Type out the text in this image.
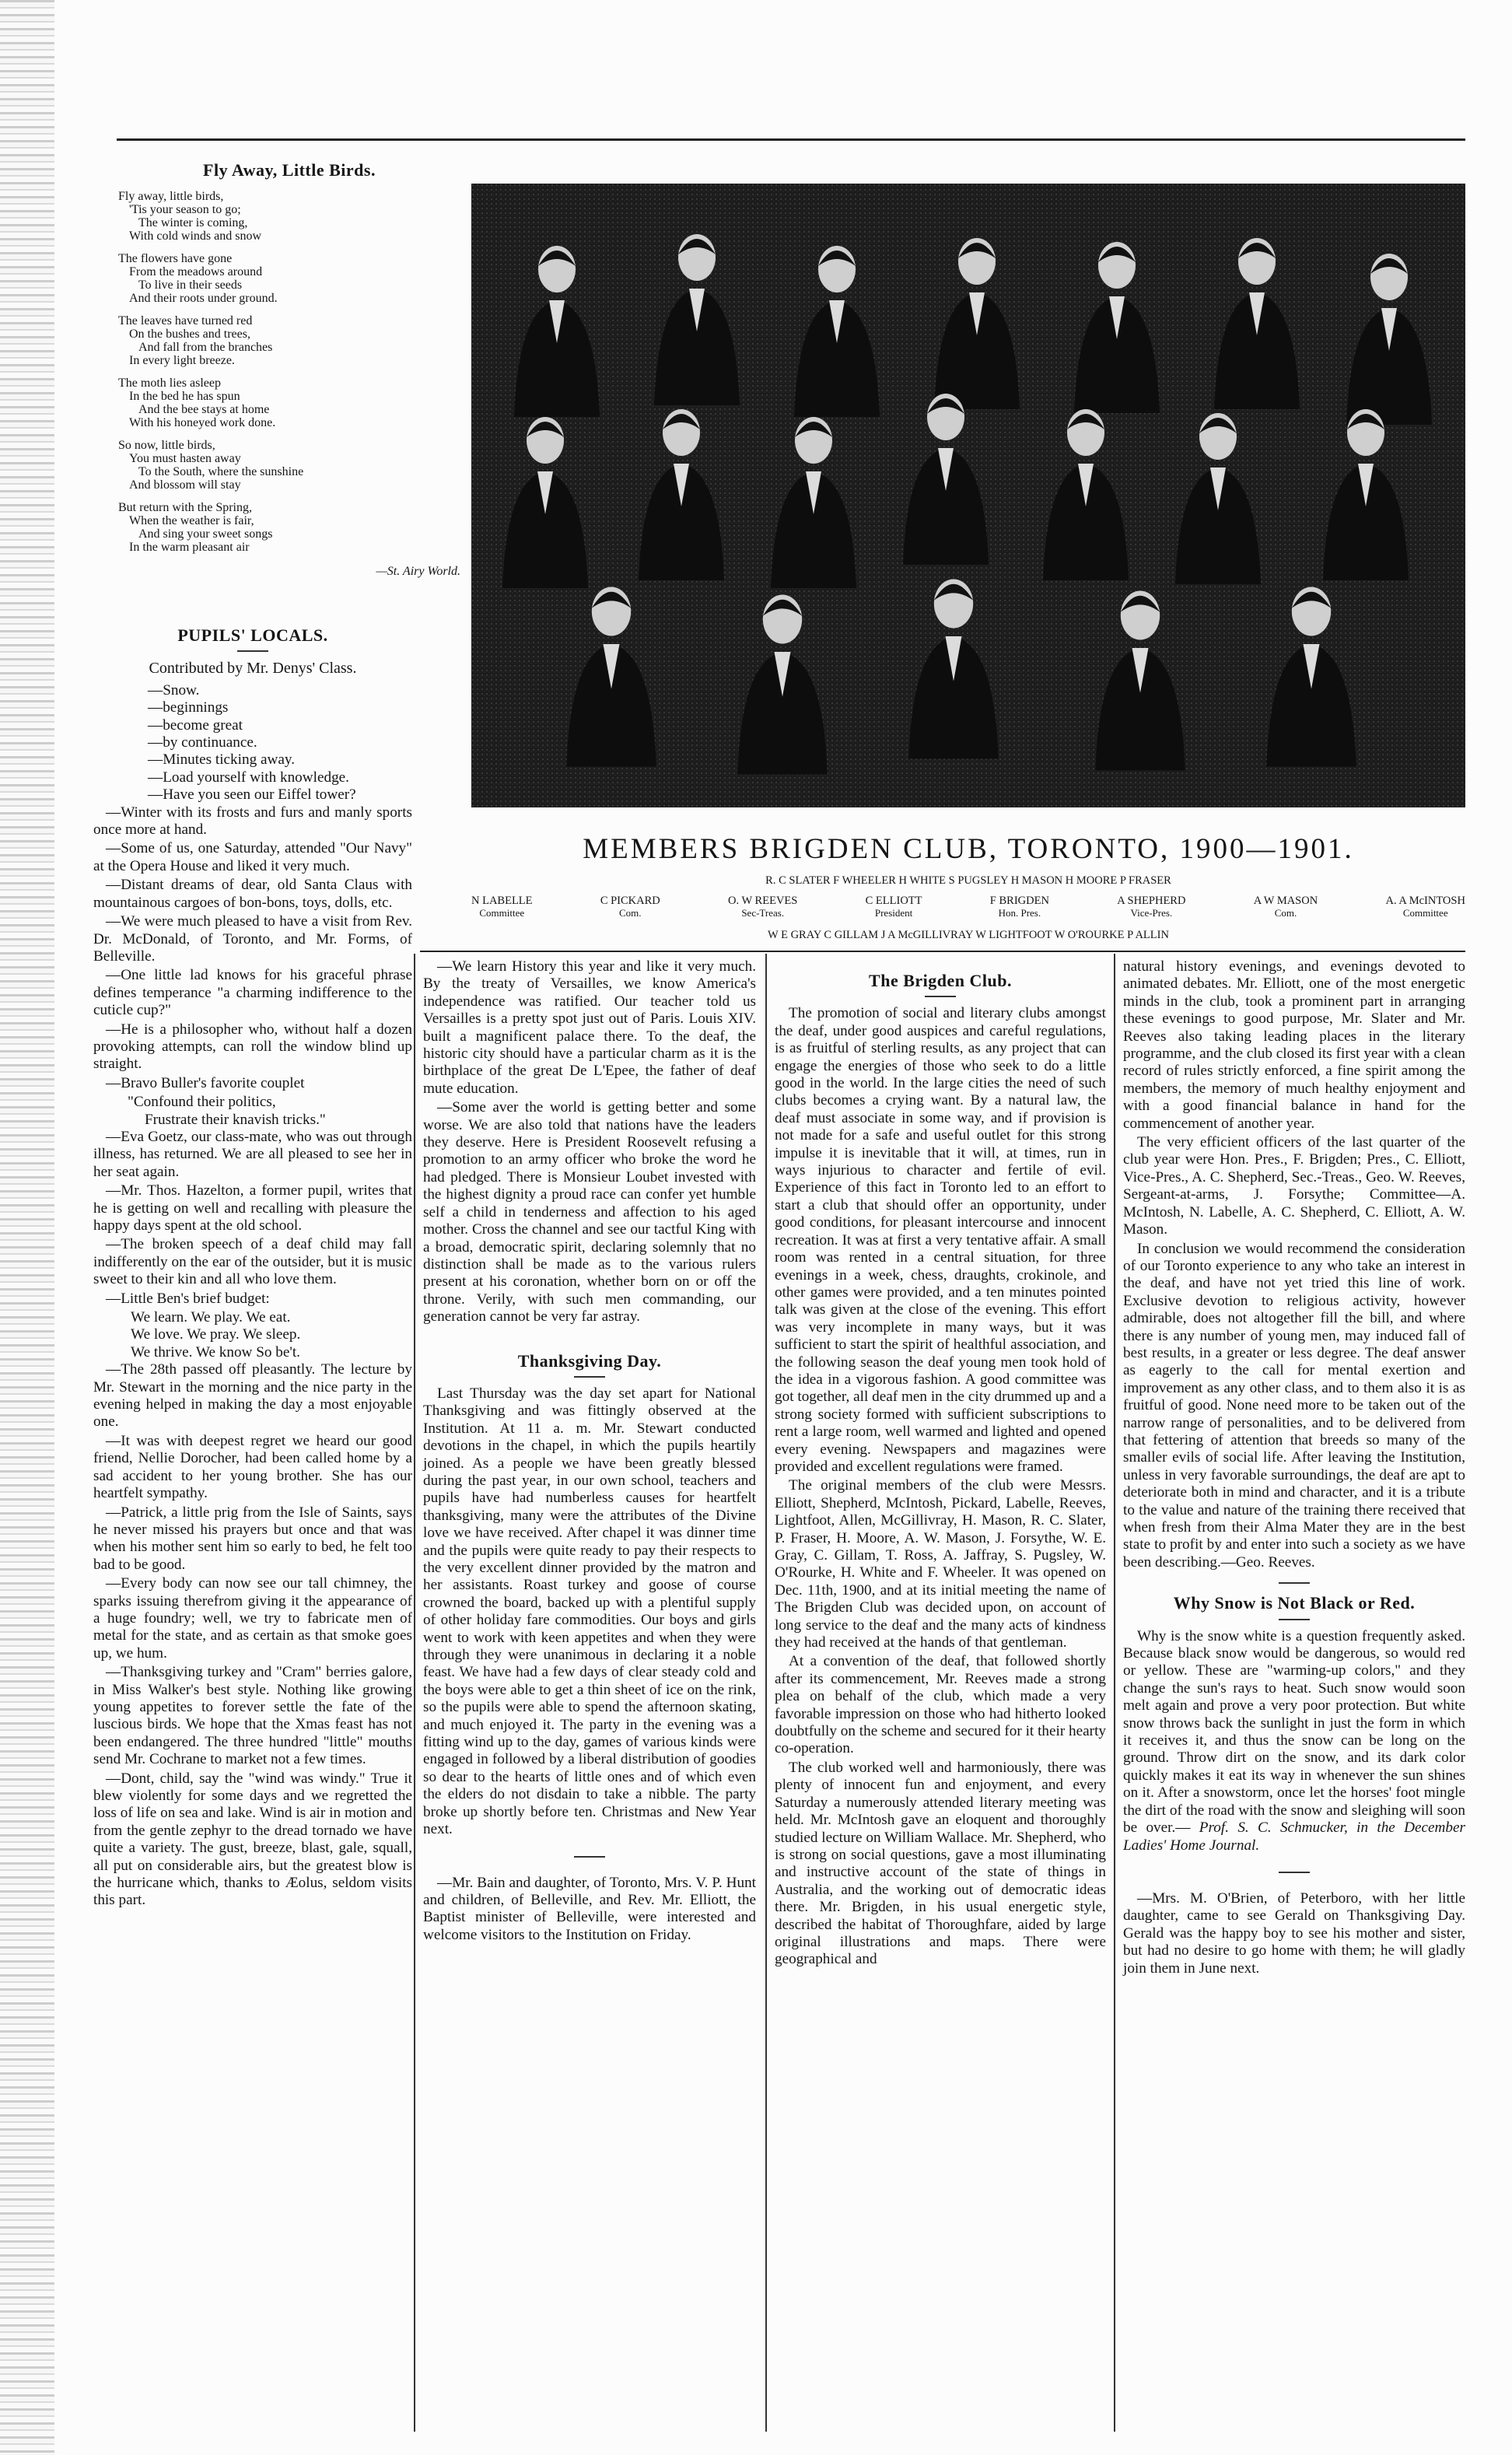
Fly Away, Little Birds.
Fly away, little birds,
'Tis your season to go;
The winter is coming,
With cold winds and snow
The flowers have gone
From the meadows around
To live in their seeds
And their roots under ground.
The leaves have turned red
On the bushes and trees,
And fall from the branches
In every light breeze.
The moth lies asleep
In the bed he has spun
And the bee stays at home
With his honeyed work done.
So now, little birds,
You must hasten away
To the South, where the sunshine
And blossom will stay
But return with the Spring,
When the weather is fair,
And sing your sweet songs
In the warm pleasant air
—St. Airy World.
PUPILS' LOCALS.
Contributed by Mr. Denys' Class.
—Snow.
—beginnings
—become great
—by continuance.
—Minutes ticking away.
—Load yourself with knowledge.
—Have you seen our Eiffel tower?

—Winter with its frosts and furs and manly sports once more at hand.

—Some of us, one Saturday, attended "Our Navy" at the Opera House and liked it very much.

—Distant dreams of dear, old Santa Claus with mountainous cargoes of bon-bons, toys, dolls, etc.

—We were much pleased to have a visit from Rev. Dr. McDonald, of Toronto, and Mr. Forms, of Belleville.

—One little lad knows for his graceful phrase defines temperance "a charming indifference to the cuticle cup?"

—He is a philosopher who, without half a dozen provoking attempts, can roll the window blind up straight.

—Bravo Buller's favorite couplet

"Confound their politics,
Frustrate their knavish tricks."

—Eva Goetz, our class-mate, who was out through illness, has returned. We are all pleased to see her in her seat again.

—Mr. Thos. Hazelton, a former pupil, writes that he is getting on well and recalling with pleasure the happy days spent at the old school.

—The broken speech of a deaf child may fall indifferently on the ear of the outsider, but it is music sweet to their kin and all who love them.

—Little Ben's brief budget:

We learn. We play. We eat.
We love. We pray. We sleep.
We thrive. We know So be't.

—The 28th passed off pleasantly. The lecture by Mr. Stewart in the morning and the nice party in the evening helped in making the day a most enjoyable one.

—It was with deepest regret we heard our good friend, Nellie Dorocher, had been called home by a sad accident to her young brother. She has our heartfelt sympathy.

—Patrick, a little prig from the Isle of Saints, says he never missed his prayers but once and that was when his mother sent him so early to bed, he felt too bad to be good.

—Every body can now see our tall chimney, the sparks issuing therefrom giving it the appearance of a huge foundry; well, we try to fabricate men of metal for the state, and as certain as that smoke goes up, we hum.

—Thanksgiving turkey and "Cram" berries galore, in Miss Walker's best style. Nothing like growing young appetites to forever settle the fate of the luscious birds. We hope that the Xmas feast has not been endangered. The three hundred "little" mouths send Mr. Cochrane to market not a few times.

—Dont, child, say the "wind was windy." True it blew violently for some days and we regretted the loss of life on sea and lake. Wind is air in motion and from the gentle zephyr to the dread tornado we have quite a variety. The gust, breeze, blast, gale, squall, all put on considerable airs, but the greatest blow is the hurricane which, thanks to Æolus, seldom visits this part.

MEMBERS BRIGDEN CLUB, TORONTO, 1900—1901.
R. C SLATER F WHEELER H WHITE S PUGSLEY H MASON H MOORE P FRASER
N LABELLE
Committee
C PICKARD
Com.
O. W REEVES
Sec-Treas.
C ELLIOTT
President
F BRIGDEN
Hon. Pres.
A SHEPHERD
Vice-Pres.
A W MASON
Com.
A. A McINTOSH
Committee
W E GRAY C GILLAM J A McGILLIVRAY W LIGHTFOOT W O'ROURKE P ALLIN

—We learn History this year and like it very much. By the treaty of Versailles, we know America's independence was ratified. Our teacher told us Versailles is a pretty spot just out of Paris. Louis XIV. built a magnificent palace there. To the deaf, the historic city should have a particular charm as it is the birthplace of the great De L'Epee, the father of deaf mute education.

—Some aver the world is getting better and some worse. We are also told that nations have the leaders they deserve. Here is President Roosevelt refusing a promotion to an army officer who broke the word he had pledged. There is Monsieur Loubet invested with the highest dignity a proud race can confer yet humble self a child in tenderness and affection to his aged mother. Cross the channel and see our tactful King with a broad, democratic spirit, declaring solemnly that no distinction shall be made as to the various rulers present at his coronation, whether born on or off the throne. Verily, with such men commanding, our generation cannot be very far astray.

Thanksgiving Day.

Last Thursday was the day set apart for National Thanksgiving and was fittingly observed at the Institution. At 11 a. m. Mr. Stewart conducted devotions in the chapel, in which the pupils heartily joined. As a people we have been greatly blessed during the past year, in our own school, teachers and pupils have had numberless causes for heartfelt thanksgiving, many were the attributes of the Divine love we have received. After chapel it was dinner time and the pupils were quite ready to pay their respects to the very excellent dinner provided by the matron and her assistants. Roast turkey and goose of course crowned the board, backed up with a plentiful supply of other holiday fare commodities. Our boys and girls went to work with keen appetites and when they were through they were unanimous in declaring it a noble feast. We have had a few days of clear steady cold and the boys were able to get a thin sheet of ice on the rink, so the pupils were able to spend the afternoon skating, and much enjoyed it. The party in the evening was a fitting wind up to the day, games of various kinds were engaged in followed by a liberal distribution of goodies so dear to the hearts of little ones and of which even the elders do not disdain to take a nibble. The party broke up shortly before ten. Christmas and New Year next.

—Mr. Bain and daughter, of Toronto, Mrs. V. P. Hunt and children, of Belleville, and Rev. Mr. Elliott, the Baptist minister of Belleville, were interested and welcome visitors to the Institution on Friday.

The Brigden Club.

The promotion of social and literary clubs amongst the deaf, under good auspices and careful regulations, is as fruitful of sterling results, as any project that can engage the energies of those who seek to do a little good in the world. In the large cities the need of such clubs becomes a crying want. By a natural law, the deaf must associate in some way, and if provision is not made for a safe and useful outlet for this strong impulse it is inevitable that it will, at times, run in ways injurious to character and fertile of evil. Experience of this fact in Toronto led to an effort to start a club that should offer an opportunity, under good conditions, for pleasant intercourse and innocent recreation. It was at first a very tentative affair. A small room was rented in a central situation, for three evenings in a week, chess, draughts, crokinole, and other games were provided, and a ten minutes pointed talk was given at the close of the evening. This effort was very incomplete in many ways, but it was sufficient to start the spirit of healthful association, and the following season the deaf young men took hold of the idea in a vigorous fashion. A good committee was got together, all deaf men in the city drummed up and a strong society formed with sufficient subscriptions to rent a large room, well warmed and lighted and opened every evening. Newspapers and magazines were provided and excellent regulations were framed.

The original members of the club were Messrs. Elliott, Shepherd, McIntosh, Pickard, Labelle, Reeves, Lightfoot, Allen, McGillivray, H. Mason, R. C. Slater, P. Fraser, H. Moore, A. W. Mason, J. Forsythe, W. E. Gray, C. Gillam, T. Ross, A. Jaffray, S. Pugsley, W. O'Rourke, H. White and F. Wheeler. It was opened on Dec. 11th, 1900, and at its initial meeting the name of The Brigden Club was decided upon, on account of long service to the deaf and the many acts of kindness they had received at the hands of that gentleman.

At a convention of the deaf, that followed shortly after its commencement, Mr. Reeves made a strong plea on behalf of the club, which made a very favorable impression on those who had hitherto looked doubtfully on the scheme and secured for it their hearty co-operation.

The club worked well and harmoniously, there was plenty of innocent fun and enjoyment, and every Saturday a numerously attended literary meeting was held. Mr. McIntosh gave an eloquent and thoroughly studied lecture on William Wallace. Mr. Shepherd, who is strong on social questions, gave a most illuminating and instructive account of the state of things in Australia, and the working out of democratic ideas there. Mr. Brigden, in his usual energetic style, described the habitat of Thoroughfare, aided by large original illustrations and maps. There were geographical and

natural history evenings, and evenings devoted to animated debates. Mr. Elliott, one of the most energetic minds in the club, took a prominent part in arranging these evenings to good purpose, Mr. Slater and Mr. Reeves also taking leading places in the literary programme, and the club closed its first year with a clean record of rules strictly enforced, a fine spirit among the members, the memory of much healthy enjoyment and with a good financial balance in hand for the commencement of another year.

The very efficient officers of the last quarter of the club year were Hon. Pres., F. Brigden; Pres., C. Elliott, Vice-Pres., A. C. Shepherd, Sec.-Treas., Geo. W. Reeves, Sergeant-at-arms, J. Forsythe; Committee—A. McIntosh, N. Labelle, A. C. Shepherd, C. Elliott, A. W. Mason.

In conclusion we would recommend the consideration of our Toronto experience to any who take an interest in the deaf, and have not yet tried this line of work. Exclusive devotion to religious activity, however admirable, does not altogether fill the bill, and where there is any number of young men, may induced fall of best results, in a greater or less degree. The deaf answer as eagerly to the call for mental exertion and improvement as any other class, and to them also it is as fruitful of good. None need more to be taken out of the narrow range of personalities, and to be delivered from that fettering of attention that breeds so many of the smaller evils of social life. After leaving the Institution, unless in very favorable surroundings, the deaf are apt to deteriorate both in mind and character, and it is a tribute to the value and nature of the training there received that when fresh from their Alma Mater they are in the best state to profit by and enter into such a society as we have been describing.—Geo. Reeves.

Why Snow is Not Black or Red.

Why is the snow white is a question frequently asked. Because black snow would be dangerous, so would red or yellow. These are "warming-up colors," and they change the sun's rays to heat. Such snow would soon melt again and prove a very poor protection. But white snow throws back the sunlight in just the form in which it receives it, and thus the snow can be long on the ground. Throw dirt on the snow, and its dark color quickly makes it eat its way in whenever the sun shines on it. After a snowstorm, once let the horses' foot mingle the dirt of the road with the snow and sleighing will soon be over.— Prof. S. C. Schmucker, in the December Ladies' Home Journal.

—Mrs. M. O'Brien, of Peterboro, with her little daughter, came to see Gerald on Thanksgiving Day. Gerald was the happy boy to see his mother and sister, but had no desire to go home with them; he will gladly join them in June next.
